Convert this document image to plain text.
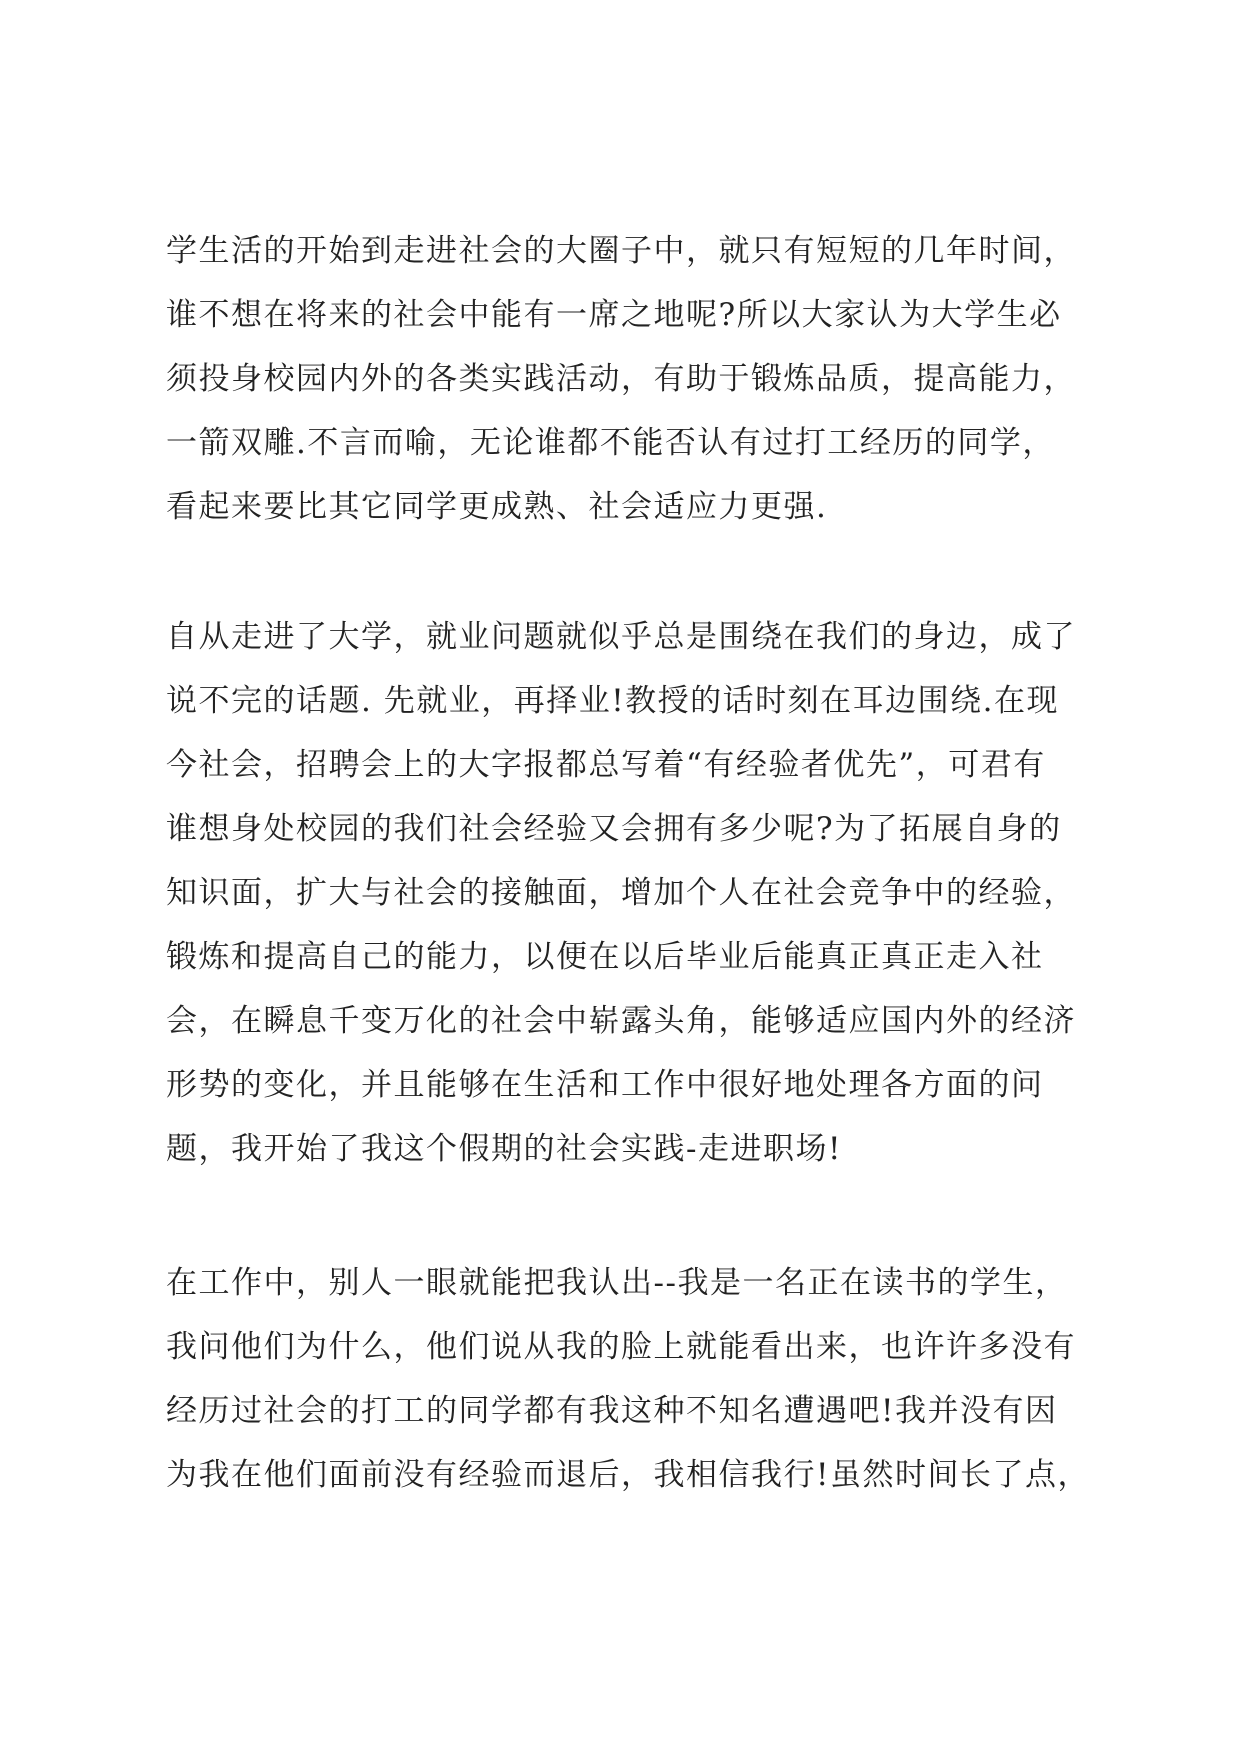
学生活的开始到走进社会的大圈子中，就只有短短的几年时间，
谁不想在将来的社会中能有一席之地呢?所以大家认为大学生必
须投身校园内外的各类实践活动，有助于锻炼品质，提高能力，
一箭双雕.不言而喻，无论谁都不能否认有过打工经历的同学，
看起来要比其它同学更成熟、社会适应力更强.
自从走进了大学，就业问题就似乎总是围绕在我们的身边，成了
说不完的话题. 先就业，再择业!教授的话时刻在耳边围绕.在现
今社会，招聘会上的大字报都总写着“有经验者优先”，可君有
谁想身处校园的我们社会经验又会拥有多少呢?为了拓展自身的
知识面，扩大与社会的接触面，增加个人在社会竞争中的经验，
锻炼和提高自己的能力，以便在以后毕业后能真正真正走入社
会，在瞬息千变万化的社会中崭露头角，能够适应国内外的经济
形势的变化，并且能够在生活和工作中很好地处理各方面的问
题，我开始了我这个假期的社会实践-走进职场!
在工作中，别人一眼就能把我认出--我是一名正在读书的学生，
我问他们为什么，他们说从我的脸上就能看出来，也许许多没有
经历过社会的打工的同学都有我这种不知名遭遇吧!我并没有因
为我在他们面前没有经验而退后，我相信我行!虽然时间长了点，
